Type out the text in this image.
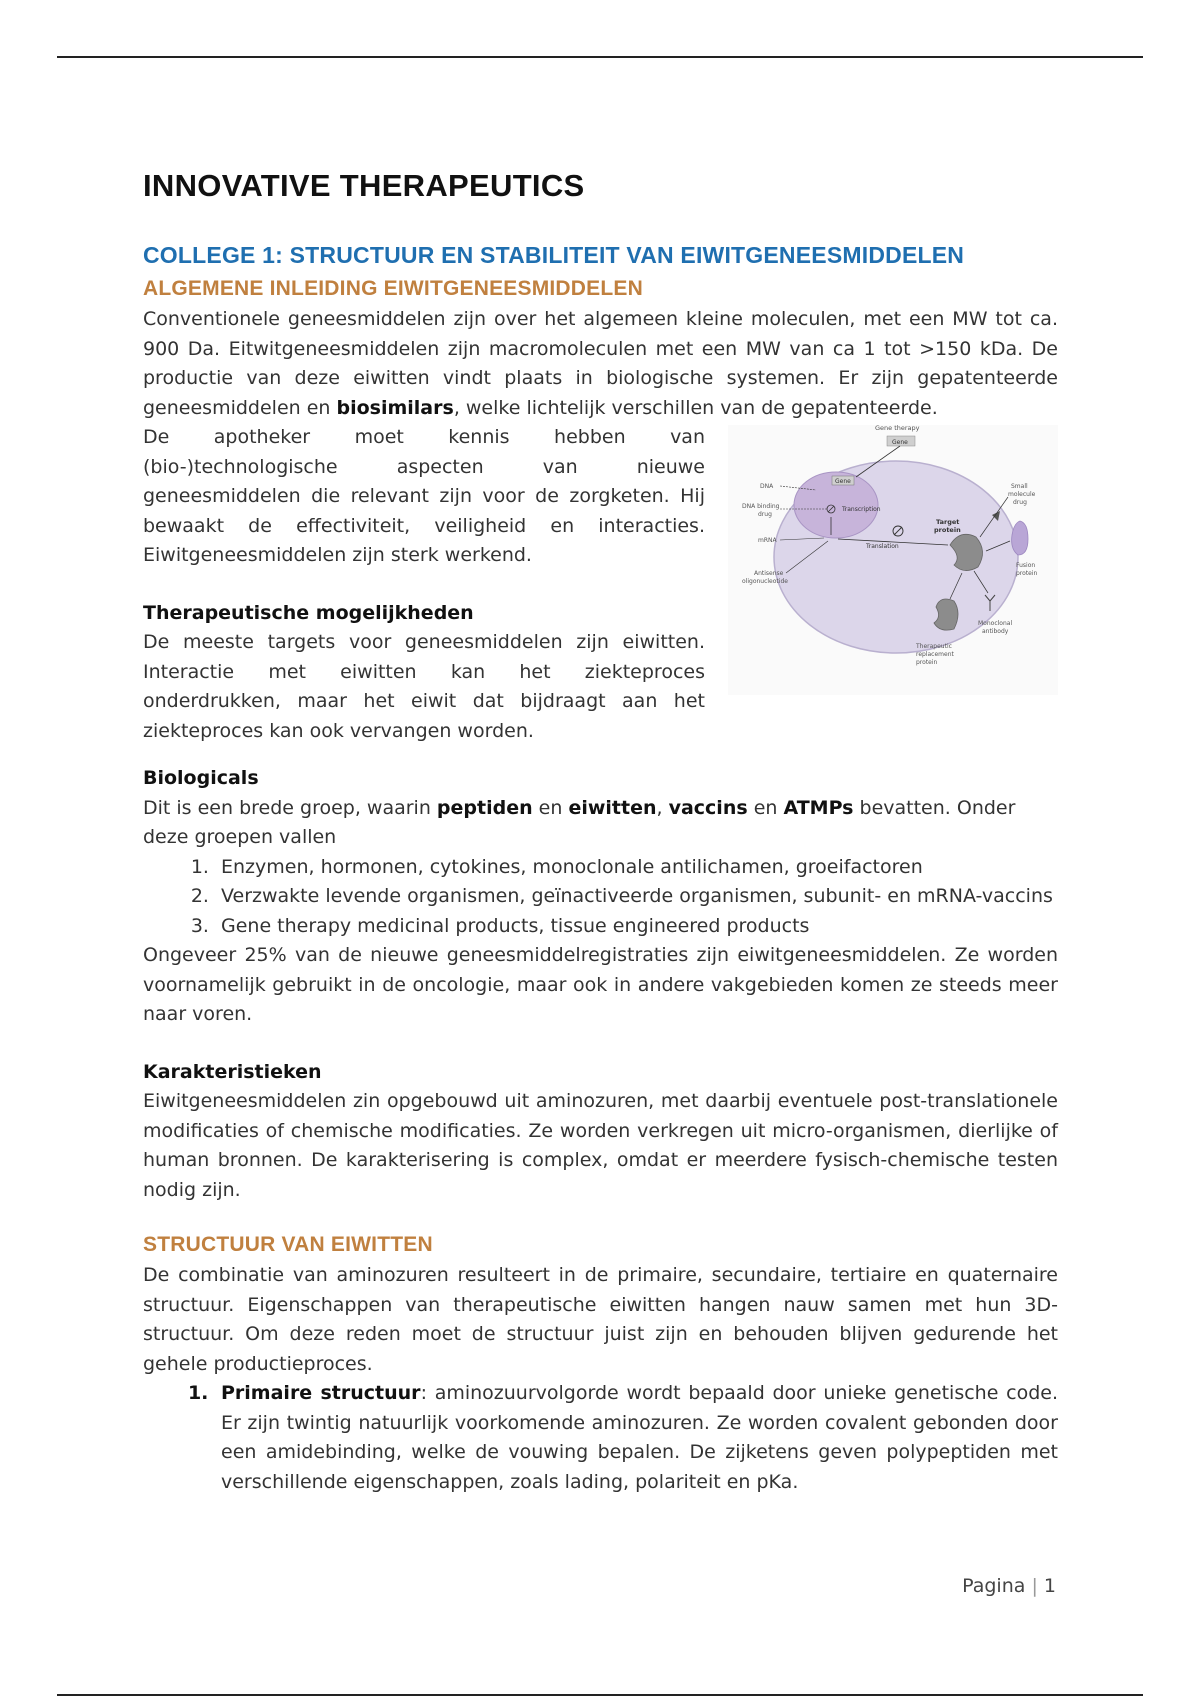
INNOVATIVE THERAPEUTICS
COLLEGE 1: STRUCTUUR EN STABILITEIT VAN EIWITGENEESMIDDELEN
ALGEMENE INLEIDING EIWITGENEESMIDDELEN

Conventionele geneesmiddelen zijn over het algemeen kleine moleculen, met een MW tot ca. 900 Da. Eitwitgeneesmiddelen zijn macromoleculen met een MW van ca 1 tot >150 kDa. De productie van deze eiwitten vindt plaats in biologische systemen. Er zijn gepatenteerde geneesmiddelen en biosimilars, welke lichtelijk verschillen van de gepatenteerde.

De apotheker moet kennis hebben van (bio-)technologische aspecten van nieuwe geneesmiddelen die relevant zijn voor de zorgketen. Hij bewaakt de effectiviteit, veiligheid en interacties. Eiwitgeneesmiddelen zijn sterk werkend.

Therapeutische mogelijkheden

De meeste targets voor geneesmiddelen zijn eiwitten. Interactie met eiwitten kan het ziekteproces onderdrukken, maar het eiwit dat bijdraagt aan het ziekteproces kan ook vervangen worden.

Gene therapy
Gene
Gene
DNA
DNA binding
drug
Transcription
mRNA
Antisense
oligonucleotide
Translation
Target
protein
Small
molecule
drug
Fusion
protein
Therapeutic
replacement
protein
Monoclonal
antibody

Biologicals

Dit is een brede groep, waarin peptiden en eiwitten, vaccins en ATMPs bevatten. Onder deze groepen vallen

1. Enzymen, hormonen, cytokines, monoclonale antilichamen, groeifactoren
2. Verzwakte levende organismen, geïnactiveerde organismen, subunit- en mRNA-vaccins
3. Gene therapy medicinal products, tissue engineered products

Ongeveer 25% van de nieuwe geneesmiddelregistraties zijn eiwitgeneesmiddelen. Ze worden voornamelijk gebruikt in de oncologie, maar ook in andere vakgebieden komen ze steeds meer naar voren.

Karakteristieken

Eiwitgeneesmiddelen zin opgebouwd uit aminozuren, met daarbij eventuele post-translationele modificaties of chemische modificaties. Ze worden verkregen uit micro-organismen, dierlijke of human bronnen. De karakterisering is complex, omdat er meerdere fysisch-chemische testen nodig zijn.

STRUCTUUR VAN EIWITTEN

De combinatie van aminozuren resulteert in de primaire, secundaire, tertiaire en quaternaire structuur. Eigenschappen van therapeutische eiwitten hangen nauw samen met hun 3D-structuur. Om deze reden moet de structuur juist zijn en behouden blijven gedurende het gehele productieproces.

1. Primaire structuur: aminozuurvolgorde wordt bepaald door unieke genetische code. Er zijn twintig natuurlijk voorkomende aminozuren. Ze worden covalent gebonden door een amidebinding, welke de vouwing bepalen. De zijketens geven polypeptiden met verschillende eigenschappen, zoals lading, polariteit en pKa.
Pagina | 1
